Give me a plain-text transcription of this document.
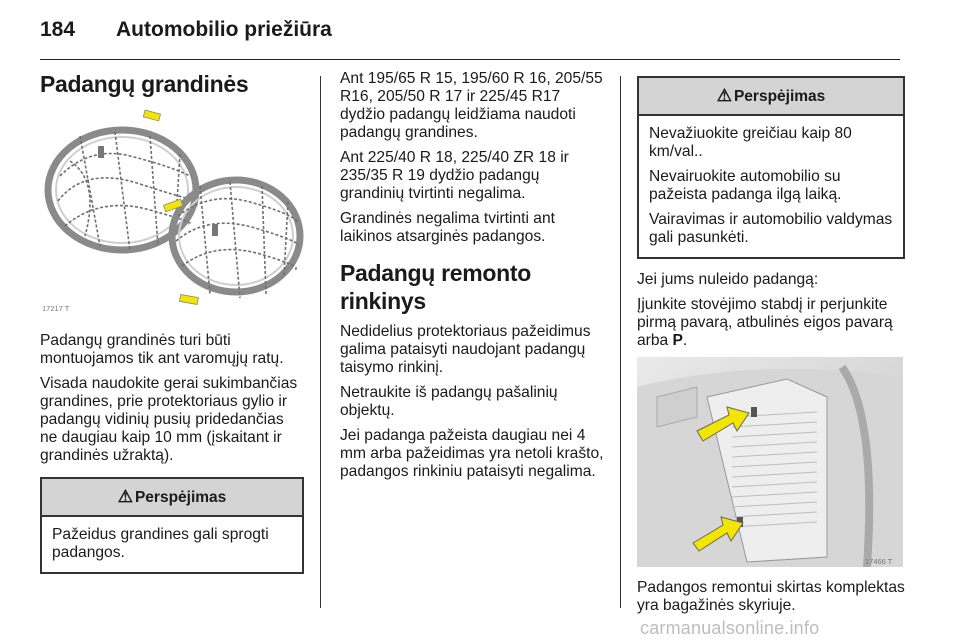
184 Automobilio priežiūra
Padangų grandinės
17217 T

Padangų grandinės turi būti montuojamos tik ant varomųjų ratų.

Visada naudokite gerai sukimbančias grandines, prie protektoriaus gylio ir padangų vidinių pusių pridedančias ne daugiau kaip 10 mm (įskaitant ir grandinės užraktą).

⚠ Perspėjimas

Pažeidus grandines gali sprogti padangos.

Ant 195/65 R 15, 195/60 R 16, 205/55 R16, 205/50 R 17 ir 225/45 R17 dydžio padangų leidžiama naudoti padangų grandines.

Ant 225/40 R 18, 225/40 ZR 18 ir 235/35 R 19 dydžio padangų grandinių tvirtinti negalima.

Grandinės negalima tvirtinti ant laikinos atsarginės padangos.

Padangų remonto rinkinys

Nedidelius protektoriaus pažeidimus galima pataisyti naudojant padangų taisymo rinkinį.

Netraukite iš padangų pašalinių objektų.

Jei padanga pažeista daugiau nei 4 mm arba pažeidimas yra netoli krašto, padangos rinkiniu pataisyti negalima.

⚠ Perspėjimas

Nevažiuokite greičiau kaip 80 km/val..

Nevairuokite automobilio su pažeista padanga ilgą laiką.

Vairavimas ir automobilio valdymas gali pasunkėti.

Jei jums nuleido padangą:

Įjunkite stovėjimo stabdį ir perjunkite pirmą pavarą, atbulinės eigos pavarą arba P.

17466 T

Padangos remontui skirtas komplektas yra bagažinės skyriuje.

carmanualsonline.info
